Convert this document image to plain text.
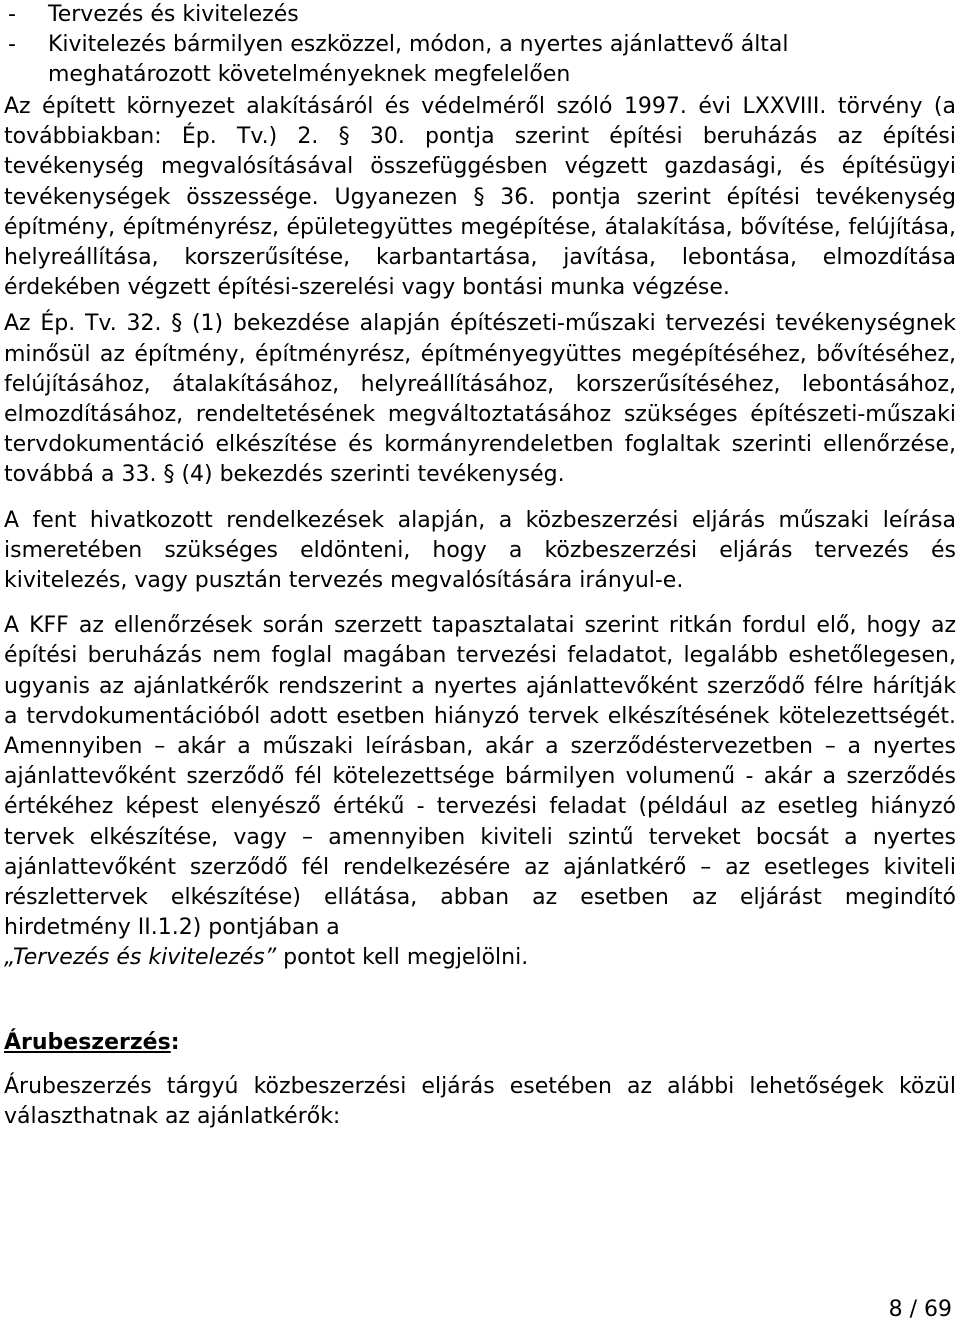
-	Tervezés és kivitelezés
-	Kivitelezés bármilyen eszközzel, módon, a nyertes ajánlattevő által meghatározott követelményeknek megfelelően

Az épített környezet alakításáról és védelméről szóló 1997. évi LXXVIII. törvény (a továbbiakban: Ép. Tv.) 2. § 30. pontja szerint építési beruházás az építési tevékenység megvalósításával összefüggésben végzett gazdasági, és építésügyi tevékenységek összessége. Ugyanezen § 36. pontja szerint építési tevékenység építmény, építményrész, épületegyüttes megépítése, átalakítása, bővítése, felújítása, helyreállítása, korszerűsítése, karbantartása, javítása, lebontása, elmozdítása érdekében végzett építési-szerelési vagy bontási munka végzése.

Az Ép. Tv. 32. § (1) bekezdése alapján építészeti-műszaki tervezési tevékenységnek minősül az építmény, építményrész, építményegyüttes megépítéséhez, bővítéséhez, felújításához, átalakításához, helyreállításához, korszerűsítéséhez, lebontásához, elmozdításához, rendeltetésének megváltoztatásához szükséges építészeti-műszaki tervdokumentáció elkészítése és kormányrendeletben foglaltak szerinti ellenőrzése, továbbá a 33. § (4) bekezdés szerinti tevékenység.

A fent hivatkozott rendelkezések alapján, a közbeszerzési eljárás műszaki leírása ismeretében szükséges eldönteni, hogy a közbeszerzési eljárás tervezés és kivitelezés, vagy pusztán tervezés megvalósítására irányul-e.

A KFF az ellenőrzések során szerzett tapasztalatai szerint ritkán fordul elő, hogy az építési beruházás nem foglal magában tervezési feladatot, legalább eshetőlegesen, ugyanis az ajánlatkérők rendszerint a nyertes ajánlattevőként szerződő félre hárítják a tervdokumentációból adott esetben hiányzó tervek elkészítésének kötelezettségét. Amennyiben – akár a műszaki leírásban, akár a szerződéstervezetben – a nyertes ajánlattevőként szerződő fél kötelezettsége bármilyen volumenű - akár a szerződés értékéhez képest elenyésző értékű - tervezési feladat (például az esetleg hiányzó tervek elkészítése, vagy – amennyiben kiviteli szintű terveket bocsát a nyertes ajánlattevőként szerződő fél rendelkezésére az ajánlatkérő – az esetleges kiviteli részlettervek elkészítése) ellátása, abban az esetben az eljárást megindító hirdetmény II.1.2) pontjában a

„Tervezés és kivitelezés” pontot kell megjelölni.

Árubeszerzés:

Árubeszerzés tárgyú közbeszerzési eljárás esetében az alábbi lehetőségek közül választhatnak az ajánlatkérők:

8 / 69
